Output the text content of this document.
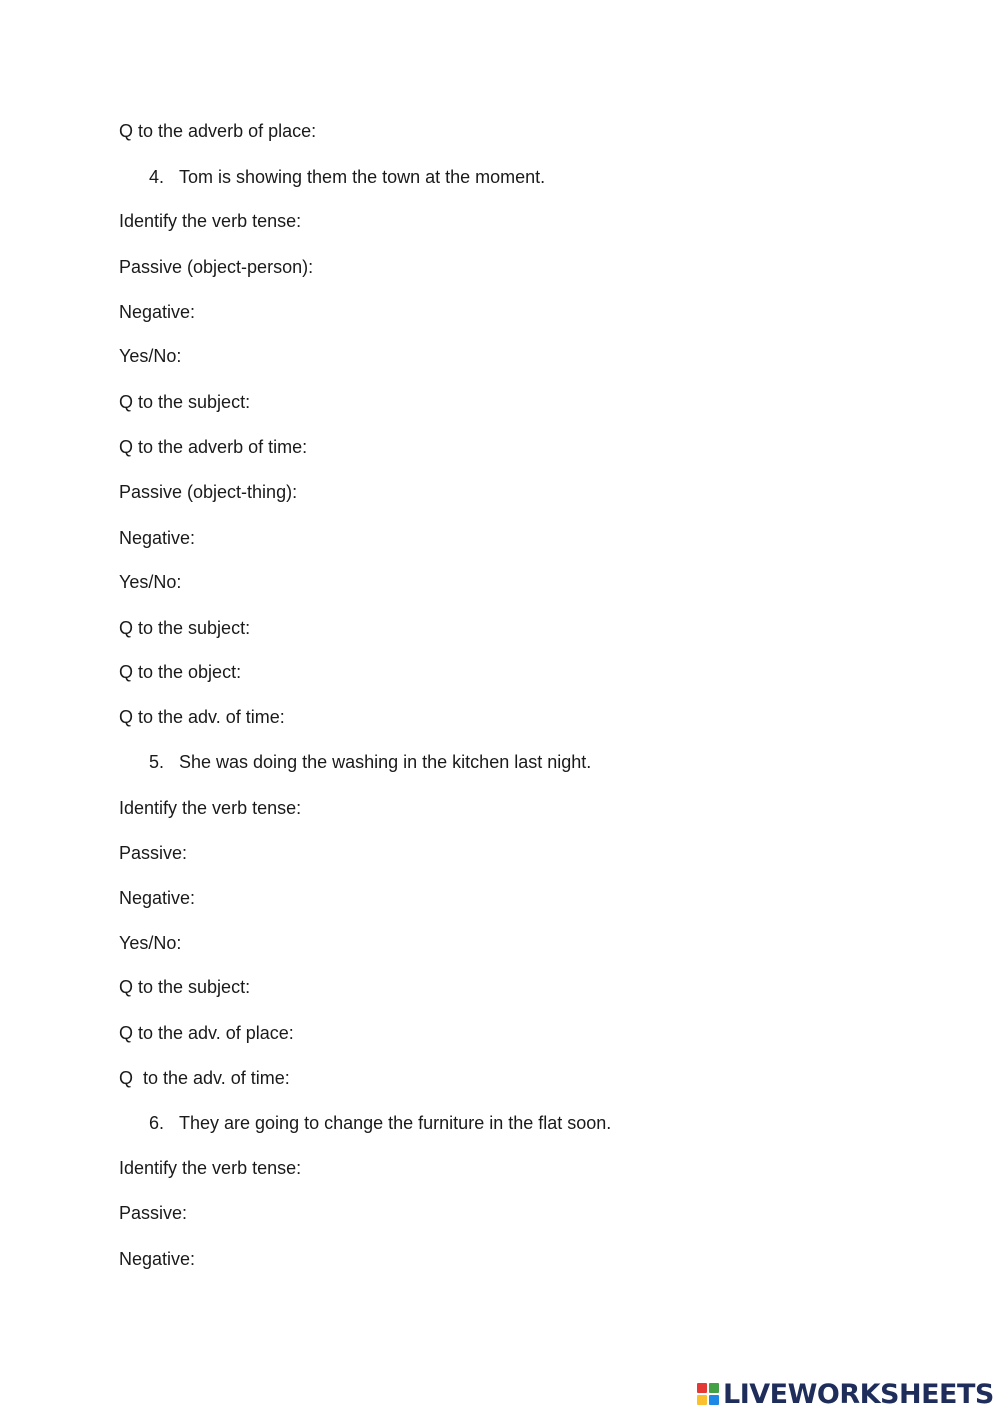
Q to the adverb of place:
4. Tom is showing them the town at the moment.
Identify the verb tense:
Passive (object-person):
Negative:
Yes/No:
Q to the subject:
Q to the adverb of time:
Passive (object-thing):
Negative:
Yes/No:
Q to the subject:
Q to the object:
Q to the adv. of time:
5. She was doing the washing in the kitchen last night.
Identify the verb tense:
Passive:
Negative:
Yes/No:
Q to the subject:
Q to the adv. of place:
Q  to the adv. of time:
6. They are going to change the furniture in the flat soon.
Identify the verb tense:
Passive:
Negative:
LIVEWORKSHEETS
